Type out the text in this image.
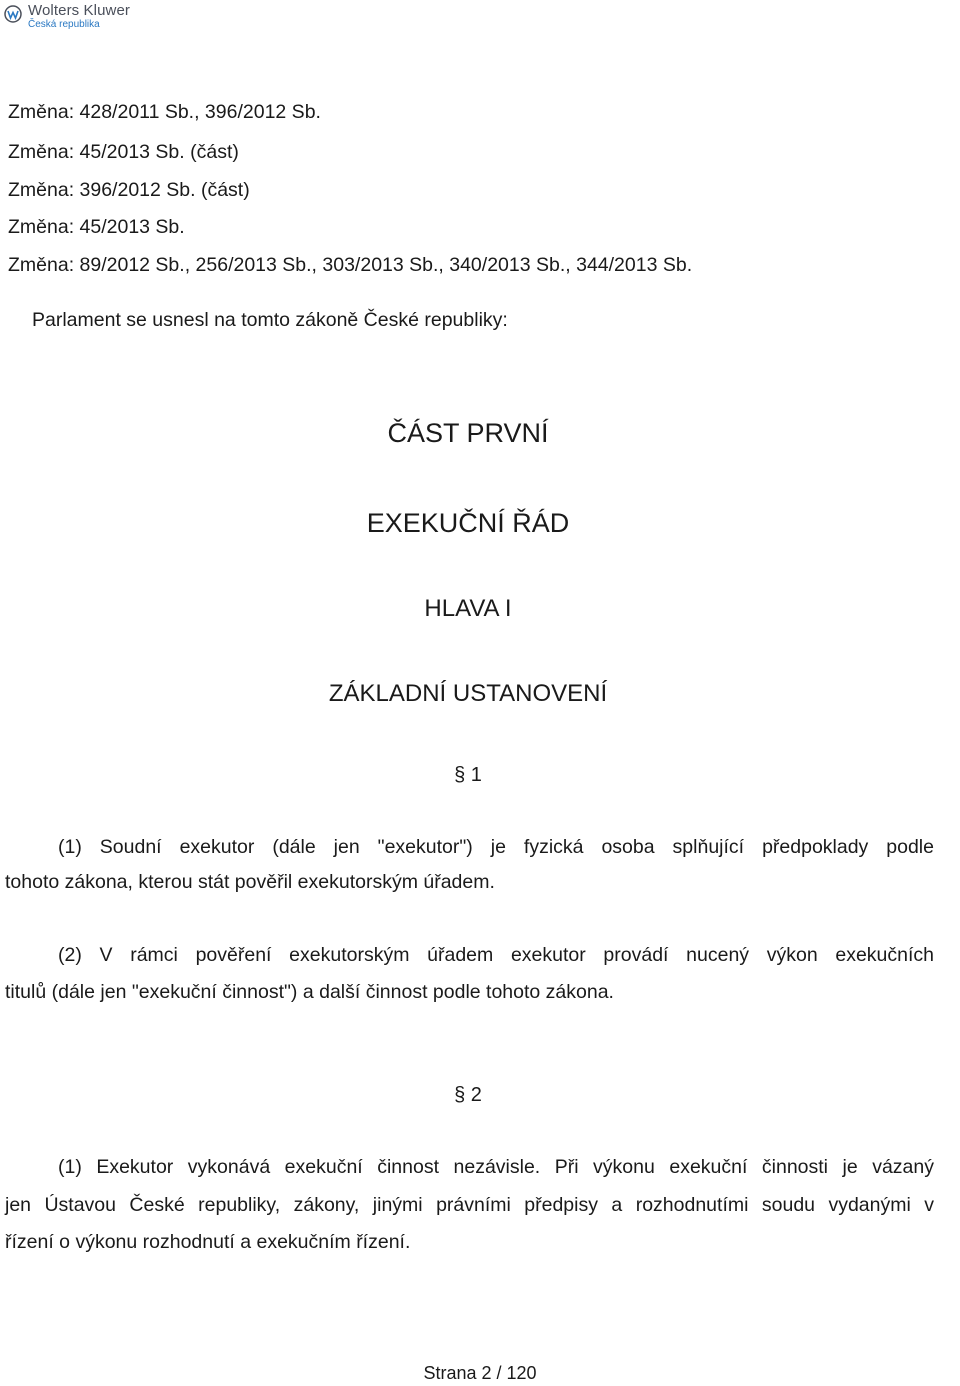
Wolters Kluwer
Česká republika
Změna: 428/2011 Sb., 396/2012 Sb.
Změna: 45/2013 Sb. (část)
Změna: 396/2012 Sb. (část)
Změna: 45/2013 Sb.
Změna: 89/2012 Sb., 256/2013 Sb., 303/2013 Sb., 340/2013 Sb., 344/2013 Sb.
Parlament se usnesl na tomto zákoně České republiky:
ČÁST PRVNÍ
EXEKUČNÍ ŘÁD
HLAVA I
ZÁKLADNÍ USTANOVENÍ
§ 1
(1) Soudní exekutor (dále jen "exekutor") je fyzická osoba splňující předpoklady podle
tohoto zákona, kterou stát pověřil exekutorským úřadem.
(2) V rámci pověření exekutorským úřadem exekutor provádí nucený výkon exekučních
titulů (dále jen "exekuční činnost") a další činnost podle tohoto zákona.
§ 2
(1) Exekutor vykonává exekuční činnost nezávisle. Při výkonu exekuční činnosti je vázaný
jen Ústavou České republiky, zákony, jinými právními předpisy a rozhodnutími soudu vydanými v
řízení o výkonu rozhodnutí a exekučním řízení.
Strana 2 / 120
